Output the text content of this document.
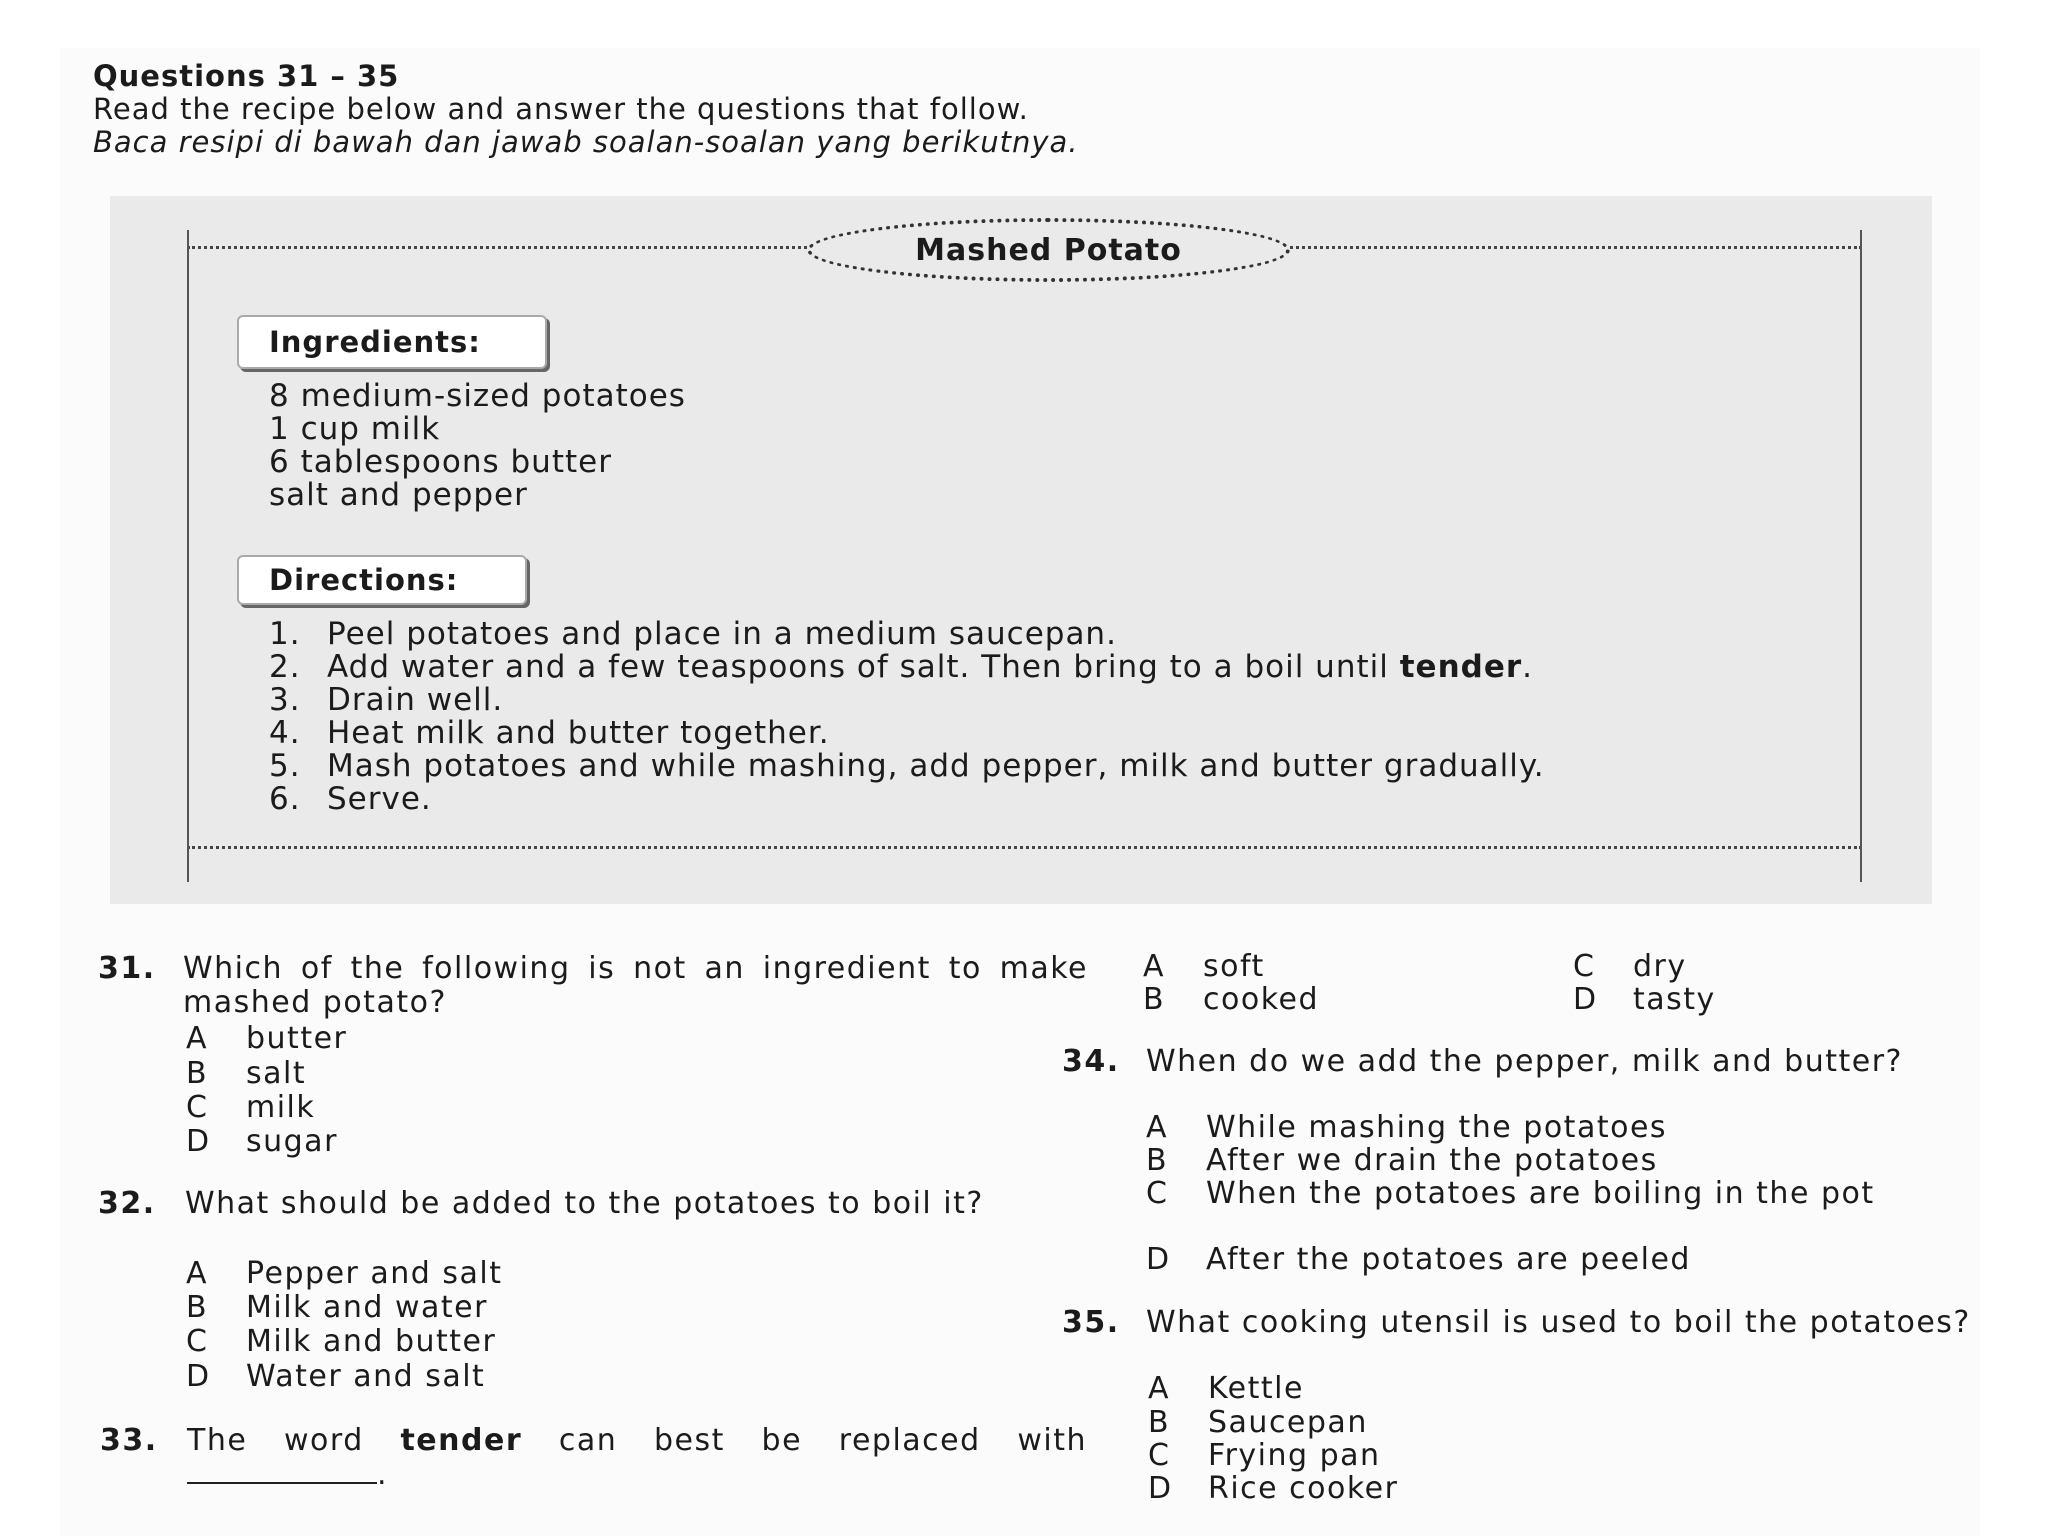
Questions 31 – 35
Read the recipe below and answer the questions that follow.
Baca resipi di bawah dan jawab soalan-soalan yang berikutnya.
Mashed Potato
Ingredients:
8 medium-sized potatoes
1 cup milk
6 tablespoons butter
salt and pepper
Directions:
1. Peel potatoes and place in a medium saucepan.
2. Add water and a few teaspoons of salt. Then bring to a boil until tender.
3. Drain well.
4. Heat milk and butter together.
5. Mash potatoes and while mashing, add pepper, milk and butter gradually.
6. Serve.
31. Which of the following is not an ingredient to make mashed potato?
A butter
B salt
C milk
D sugar
32. What should be added to the potatoes to boil it?
A Pepper and salt
B Milk and water
C Milk and butter
D Water and salt
33. The word tender can best be replaced with .
A soft
B cooked
C dry
D tasty
34. When do we add the pepper, milk and butter?
A While mashing the potatoes
B After we drain the potatoes
C	When the potatoes are boiling in the pot
D After the potatoes are peeled
35. What cooking utensil is used to boil the potatoes?
A Kettle
B Saucepan
C Frying pan
D Rice cooker
